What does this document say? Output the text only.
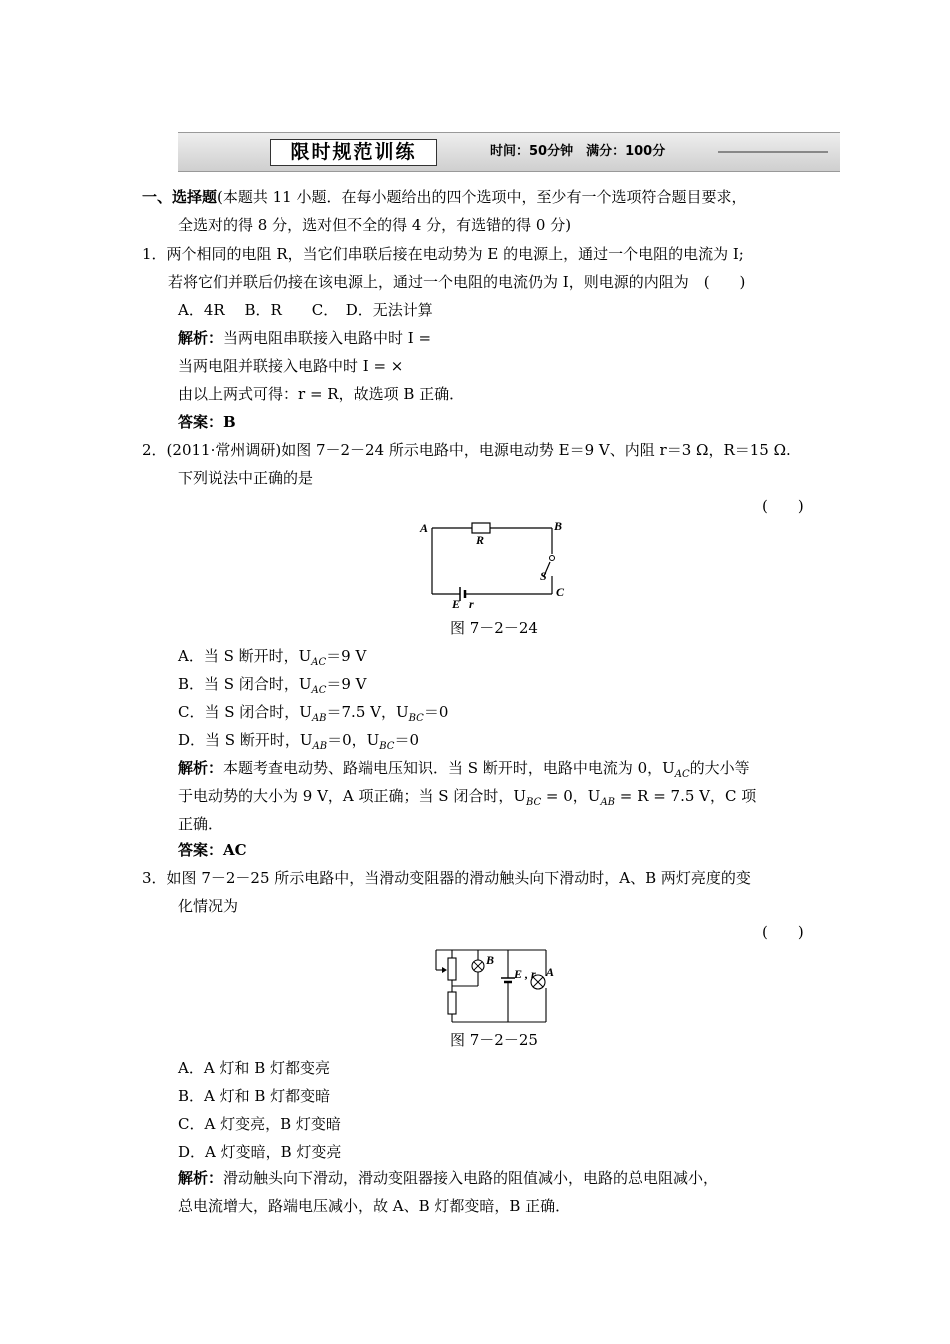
限时规范训练	时间：50分钟　满分：100分
一、选择题(本题共 11 小题．在每小题给出的四个选项中，至少有一个选项符合题目要求，
全选对的得 8 分，选对但不全的得 4 分，有选错的得 0 分)
1．两个相同的电阻 R，当它们串联后接在电动势为 E 的电源上，通过一个电阻的电流为 I;
若将它们并联后仍接在该电源上，通过一个电阻的电流仍为 I，则电源的内阻为　(　　)
A．4R　 B．R　　C．　D．无法计算
解析：当两电阻串联接入电路中时 I =
当两电阻并联接入电路中时 I = ×
由以上两式可得：r = R，故选项 B 正确．
答案：B
2．(2011·常州调研)如图 7－2－24 所示电路中，电源电动势 E＝9 V、内阻 r＝3 Ω，R＝15 Ω.
下列说法中正确的是
(　　)
A	B
R
S
C
E r
图 7－2－24
A．当 S 断开时，$U_{AC}=9$ V
B．当 S 闭合时，$U_{AC}=9$ V
C．当 S 闭合时，$U_{AB}=7.5$ V，$U_{BC}=0$
D．当 S 断开时，$U_{AB}=0$，$U_{BC}=0$
解析：本题考查电动势、路端电压知识．当 S 断开时，电路中电流为 0，$U_{AC}$的大小等
于电动势的大小为 9 V，A 项正确；当 S 闭合时，$U_{BC} = 0$，$U_{AB} = R = 7.5$ V，C 项
正确．
答案：AC
3．如图 7－2－25 所示电路中，当滑动变阻器的滑动触头向下滑动时，A、B 两灯亮度的变
化情况为
(　　)
B
E , r A
图 7－2－25
A．A 灯和 B 灯都变亮
B．A 灯和 B 灯都变暗
C．A 灯变亮，B 灯变暗
D．A 灯变暗，B 灯变亮
解析：滑动触头向下滑动，滑动变阻器接入电路的阻值减小，电路的总电阻减小，
总电流增大，路端电压减小，故 A、B 灯都变暗，B 正确．
